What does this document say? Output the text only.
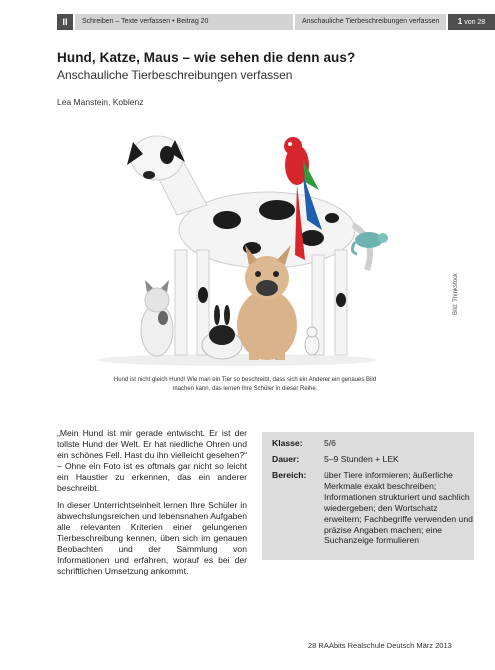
II	Schreiben – Texte verfassen • Beitrag 20	Anschauliche Tierbeschreibungen verfassen	1 von 28
Hund, Katze, Maus – wie sehen die denn aus?
Anschauliche Tierbeschreibungen verfassen
Lea Manstein, Koblenz
Bild: Thinkstock
Hund ist nicht gleich Hund! Wie man ein Tier so beschreibt, dass sich ein Anderer ein genaues Bild
machen kann, das lernen Ihre Schüler in dieser Reihe.

„Mein Hund ist mir gerade entwischt. Er ist der tollste Hund der Welt. Er hat niedliche Ohren und ein schönes Fell. Hast du ihn vielleicht gesehen?“ – Ohne ein Foto ist es oftmals gar nicht so leicht ein Haustier zu erkennen, das ein anderer beschreibt.

In dieser Unterrichtseinheit lernen Ihre Schüler in abwechslungsreichen und lebensnahen Aufgaben alle relevanten Kriterien einer gelungenen Tierbeschreibung kennen, üben sich im genauen Beobachten und der Sammlung von Informationen und erfahren, worauf es bei der schriftlichen Umsetzung ankommt.

Klasse: 5/6
Dauer:	5–9 Stunden + LEK
Bereich: über Tiere informieren; äußerliche Merkmale exakt beschreiben; Informationen strukturiert und sachlich wiedergeben; den Wortschatz erweitern; Fachbegriffe verwenden und präzise Angaben machen; eine Suchanzeige formulieren
28 RAAbits Realschule Deutsch März 2013
